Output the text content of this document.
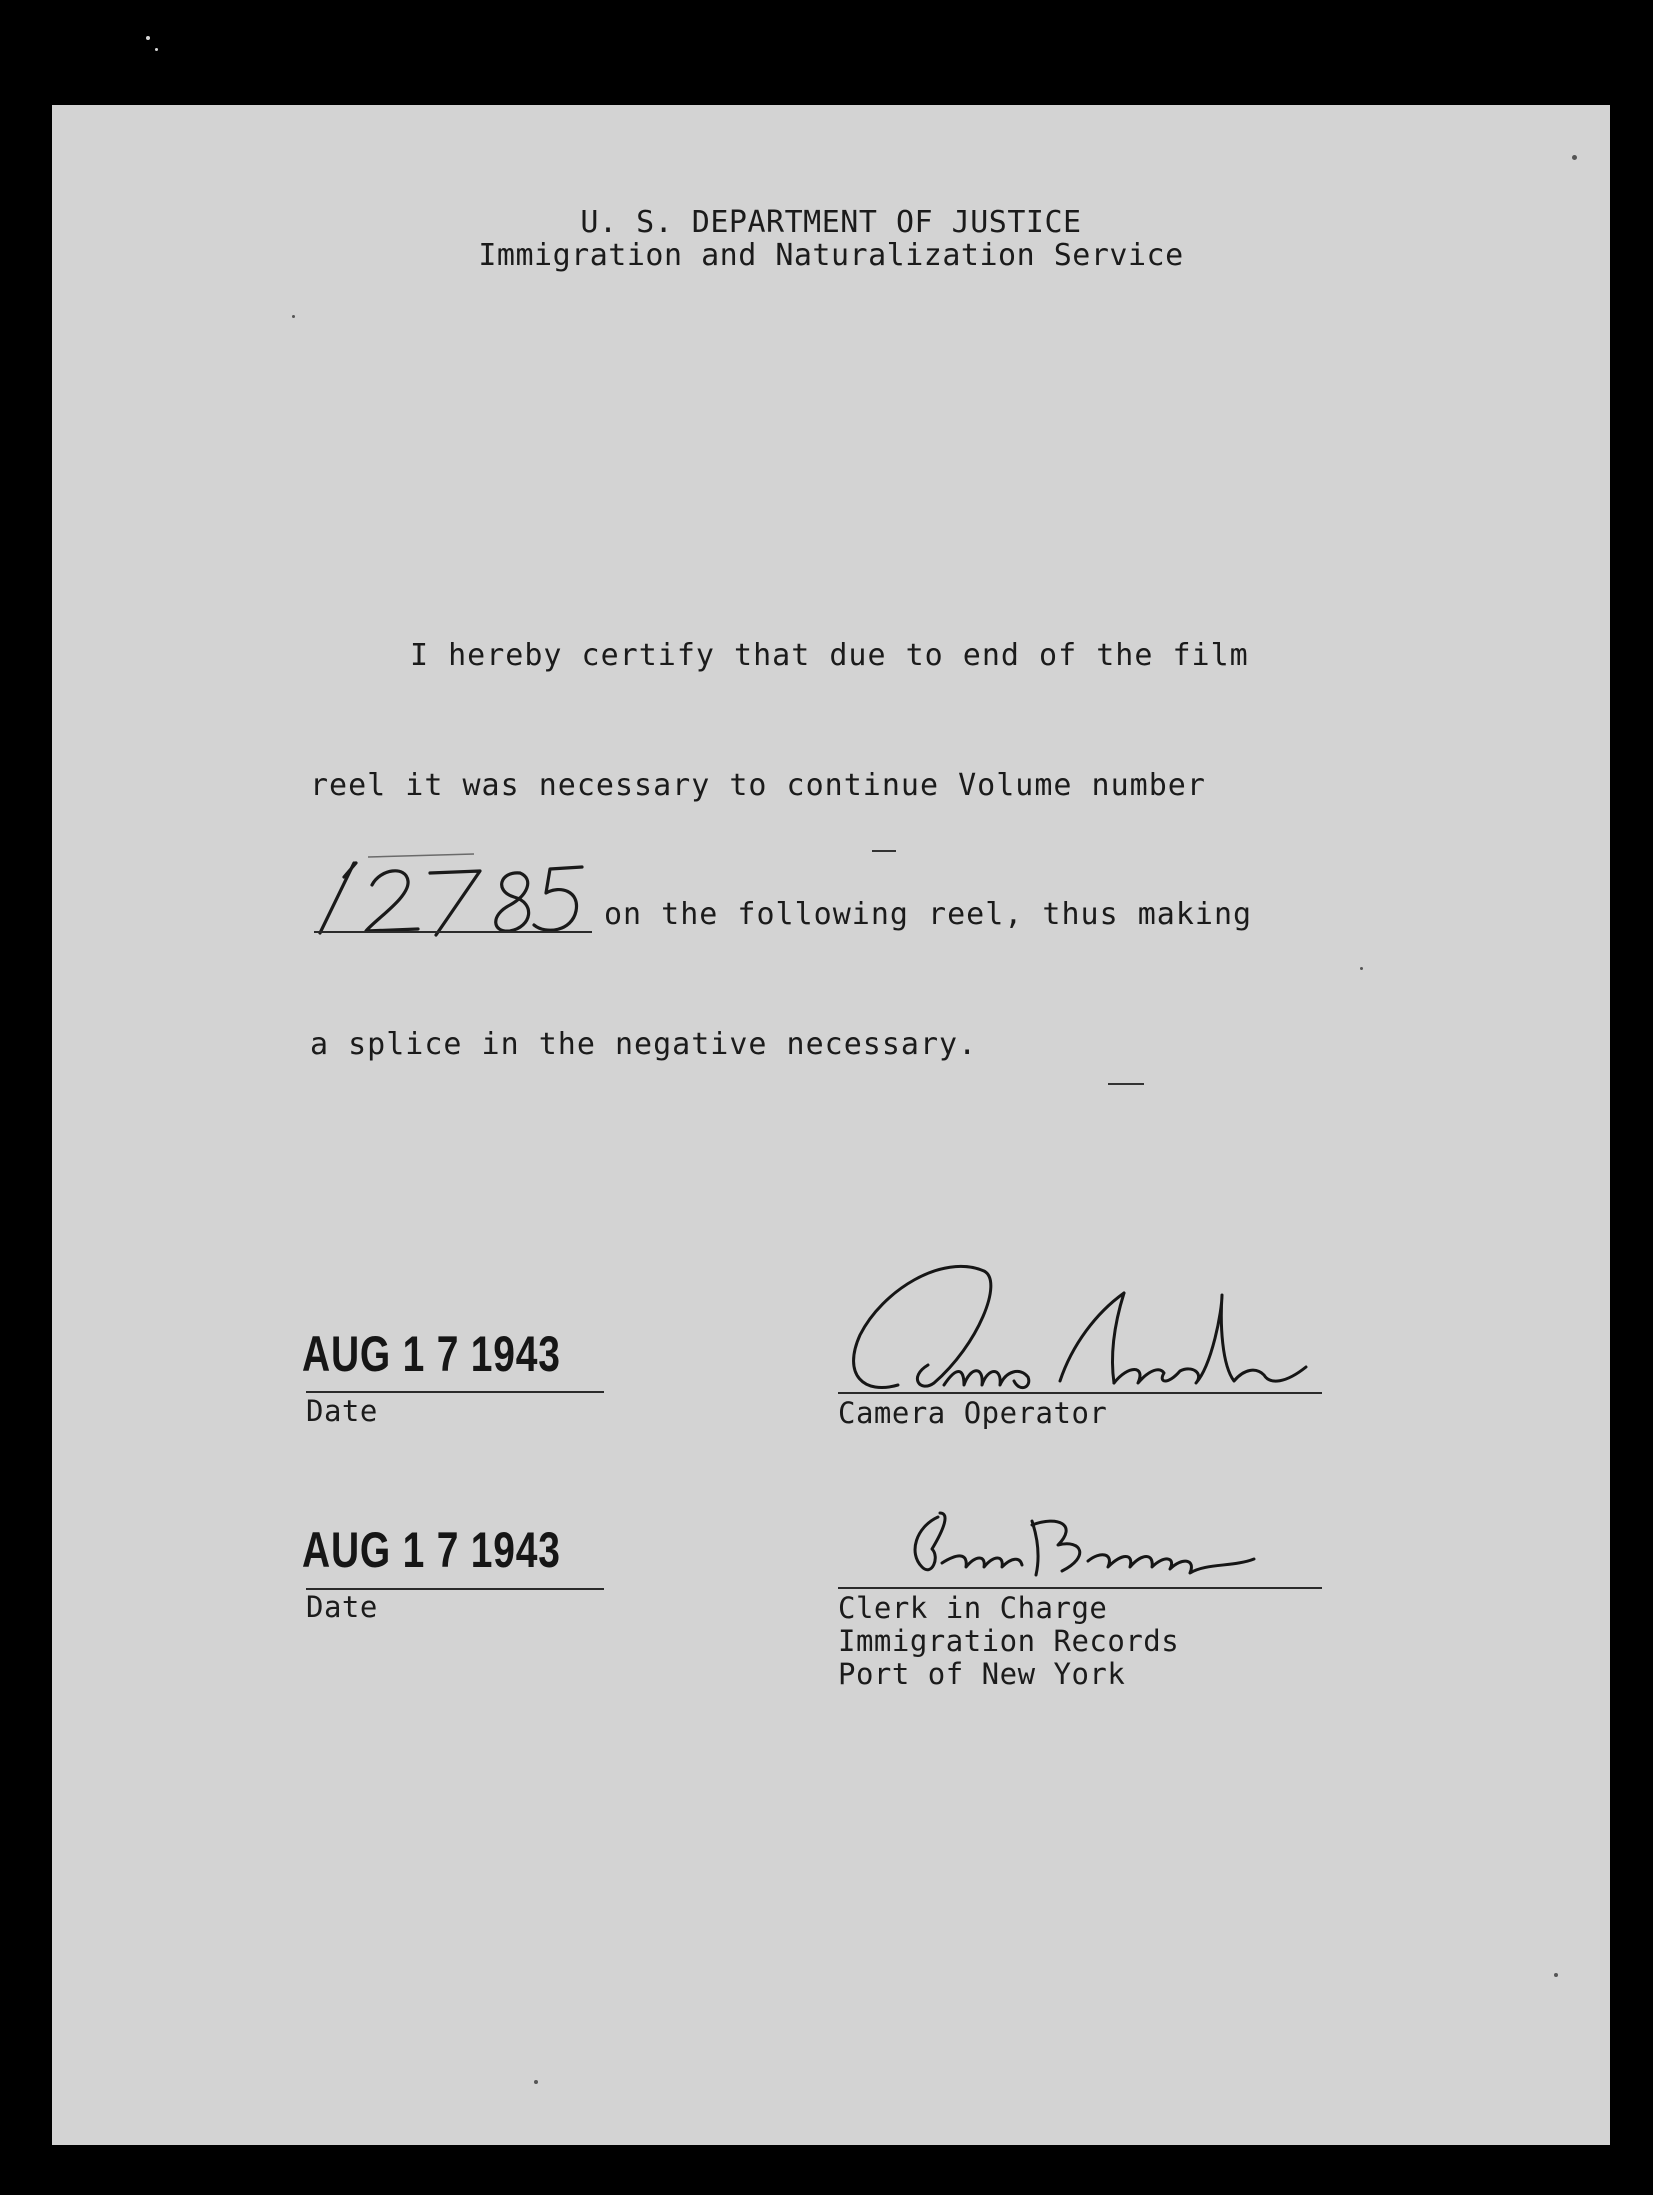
U. S. DEPARTMENT OF JUSTICE
Immigration and Naturalization Service
I hereby certify that due to end of the film
reel it was necessary to continue Volume number
on the following reel, thus making
a splice in the negative necessary.
AUG 1 7 1943
Date	Camera Operator
AUG 1 7 1943
Date	Clerk in Charge
Immigration Records
Port of New York
